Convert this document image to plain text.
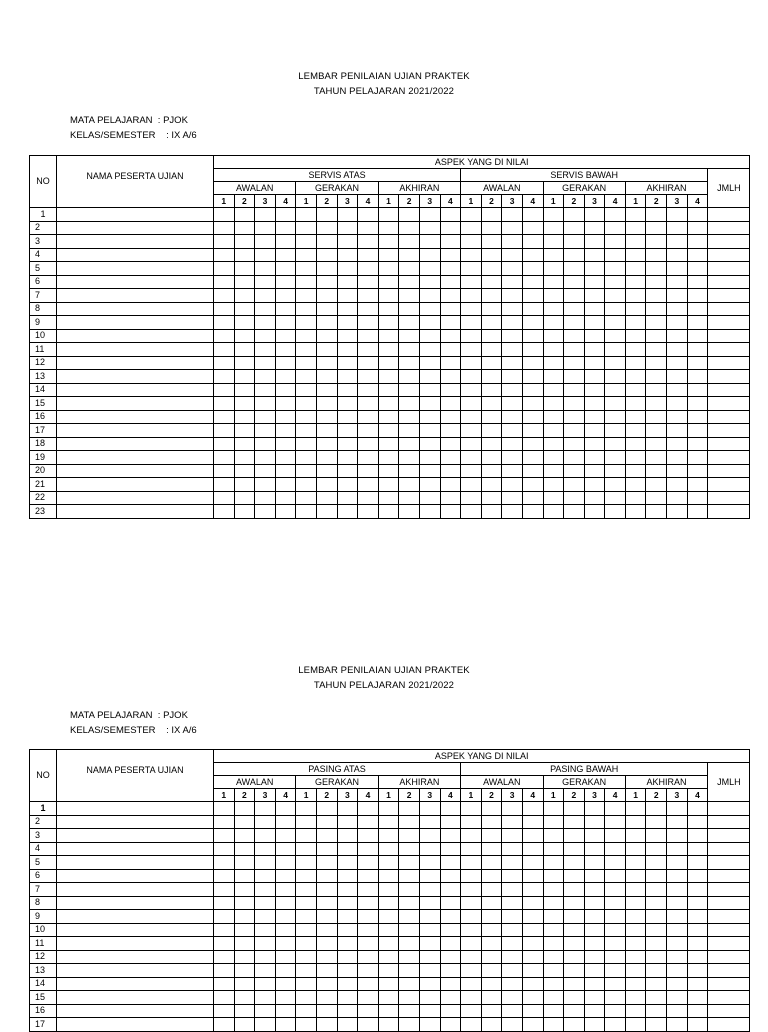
LEMBAR PENILAIAN UJIAN PRAKTEK
TAHUN PELAJARAN 2021/2022
MATA PELAJARAN  : PJOK
KELAS/SEMESTER    : IX A/6
NO	NAMA PESERTA UJIAN	ASPEK YANG DI NILAI																								
		SERVIS ATAS												SERVIS BAWAH												JMLH
		AWALAN				GERAKAN				AKHIRAN				AWALAN				GERAKAN				AKHIRAN				
		1	2	3	4	1	2	3	4	1	2	3	4	1	2	3	4	1	2	3	4	1	2	3	4	
1																										
2																										
3																										
4																										
5																										
6																										
7																										
8																										
9																										
10																										
11																										
12																										
13																										
14																										
15																										
16																										
17																										
18																										
19																										
20																										
21																										
22																										
23																										
LEMBAR PENILAIAN UJIAN PRAKTEK
TAHUN PELAJARAN 2021/2022
MATA PELAJARAN  : PJOK
KELAS/SEMESTER    : IX A/6
NO	NAMA PESERTA UJIAN	ASPEK YANG DI NILAI																								
		PASING ATAS												PASING BAWAH												JMLH
		AWALAN				GERAKAN				AKHIRAN				AWALAN				GERAKAN				AKHIRAN				
		1	2	3	4	1	2	3	4	1	2	3	4	1	2	3	4	1	2	3	4	1	2	3	4	
1																										
2																										
3																										
4																										
5																										
6																										
7																										
8																										
9																										
10																										
11																										
12																										
13																										
14																										
15																										
16																										
17																										
